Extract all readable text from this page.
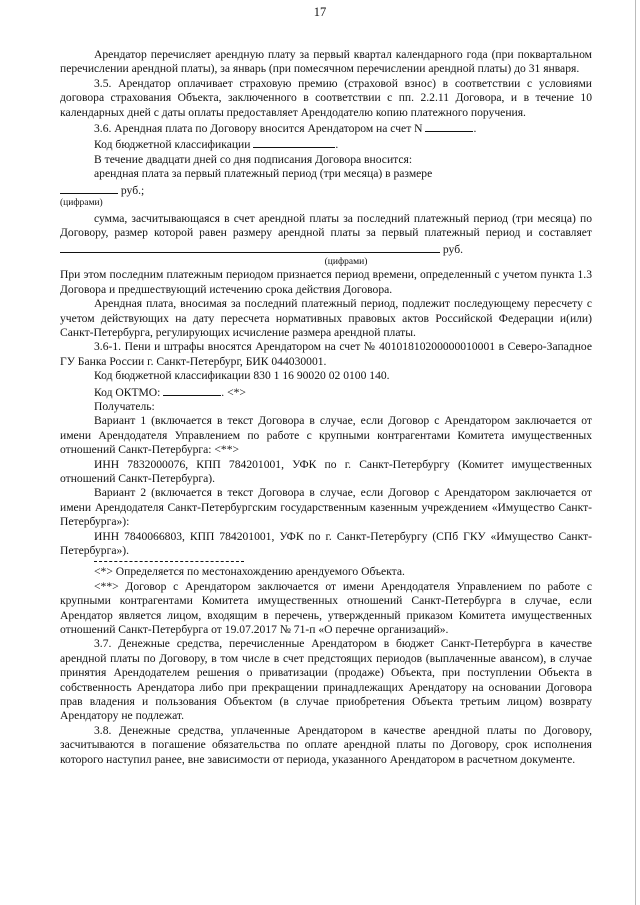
17

Арендатор перечисляет арендную плату за первый квартал календарного года (при поквартальном перечислении арендной платы), за январь (при помесячном перечислении арендной платы) до 31 января.

3.5. Арендатор оплачивает страховую премию (страховой взнос) в соответствии с условиями договора страхования Объекта, заключенного в соответствии с пп. 2.2.11 Договора, и в течение 10 календарных дней с даты оплаты предоставляет Арендодателю копию платежного поручения.

3.6. Арендная плата по Договору вносится Арендатором на счет N	.

Код бюджетной классификации	.

В течение двадцати дней со дня подписания Договора вносится:

арендная плата за первый платежный период (три месяца) в размере

руб.;

(цифрами)

сумма, засчитывающаяся в счет арендной платы за последний платежный период (три месяца) по Договору, размер которой равен размеру арендной платы за первый платежный период и составляет  руб.

(цифрами)

При этом последним платежным периодом признается период времени, определенный с учетом пункта 1.3 Договора и предшествующий истечению срока действия Договора.

Арендная плата, вносимая за последний платежный период, подлежит последующему пересчету с учетом действующих на дату пересчета нормативных правовых актов Российской Федерации и(или) Санкт-Петербурга, регулирующих исчисление размера арендной платы.

3.6-1. Пени и штрафы вносятся Арендатором на счет № 40101810200000010001 в Северо-Западное ГУ Банка России г. Санкт-Петербург, БИК 044030001.

Код бюджетной классификации 830 1 16 90020 02 0100 140.

Код ОКТМО:	. <*>

Получатель:

Вариант 1 (включается в текст Договора в случае, если Договор с Арендатором заключается от имени Арендодателя Управлением по работе с крупными контрагентами Комитета имущественных отношений Санкт-Петербурга: <**>

ИНН 7832000076, КПП 784201001, УФК по г. Санкт-Петербургу (Комитет имущественных отношений Санкт-Петербурга).

Вариант 2 (включается в текст Договора в случае, если Договор с Арендатором заключается от имени Арендодателя Санкт-Петербургским государственным казенным учреждением «Имущество Санкт-Петербурга»):

ИНН 7840066803, КПП 784201001, УФК по г. Санкт-Петербургу (СПб ГКУ «Имущество Санкт-Петербурга»).

<*> Определяется по местонахождению арендуемого Объекта.

<**> Договор с Арендатором заключается от имени Арендодателя Управлением по работе с крупными контрагентами Комитета имущественных отношений Санкт-Петербурга в случае, если Арендатор является лицом, входящим в перечень, утвержденный приказом Комитета имущественных отношений Санкт-Петербурга от 19.07.2017 № 71-п «О перечне организаций».

3.7. Денежные средства, перечисленные Арендатором в бюджет Санкт-Петербурга в качестве арендной платы по Договору, в том числе в счет предстоящих периодов (выплаченные авансом), в случае принятия Арендодателем решения о приватизации (продаже) Объекта, при поступлении Объекта в собственность Арендатора либо при прекращении принадлежащих Арендатору на основании Договора прав владения и пользования Объектом (в случае приобретения Объекта третьим лицом) возврату Арендатору не подлежат.

3.8. Денежные средства, уплаченные Арендатором в качестве арендной платы по Договору, засчитываются в погашение обязательства по оплате арендной платы по Договору, срок исполнения которого наступил ранее, вне зависимости от периода, указанного Арендатором в расчетном документе.
